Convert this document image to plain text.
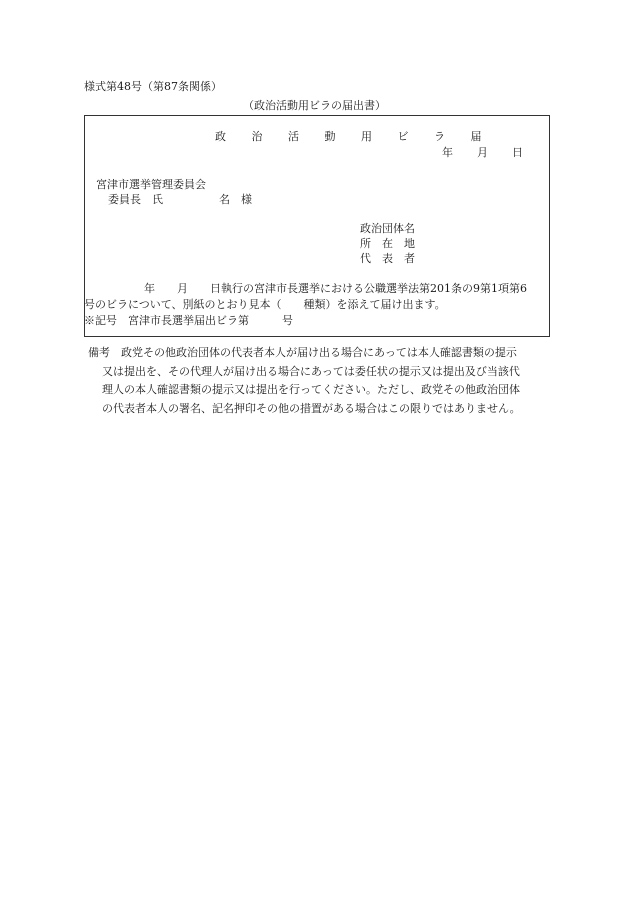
様式第48号（第87条関係）
（政治活動用ビラの届出書）
政 治 活 動 用 ビ ラ 届
年 月 日
宮津市選挙管理委員会
委員長　氏	名　様
政治団体名
所　在　地
代　表　者
年　　月　　日執行の宮津市長選挙における公職選挙法第201条の9第1項第6
号のビラについて、別紙のとおり見本（　　種類）を添えて届け出ます。
※記号　宮津市長選挙届出ビラ第　　　号
備考　政党その他政治団体の代表者本人が届け出る場合にあっては本人確認書類の提示
又は提出を、その代理人が届け出る場合にあっては委任状の提示又は提出及び当該代
理人の本人確認書類の提示又は提出を行ってください。ただし、政党その他政治団体
の代表者本人の署名、記名押印その他の措置がある場合はこの限りではありません。
